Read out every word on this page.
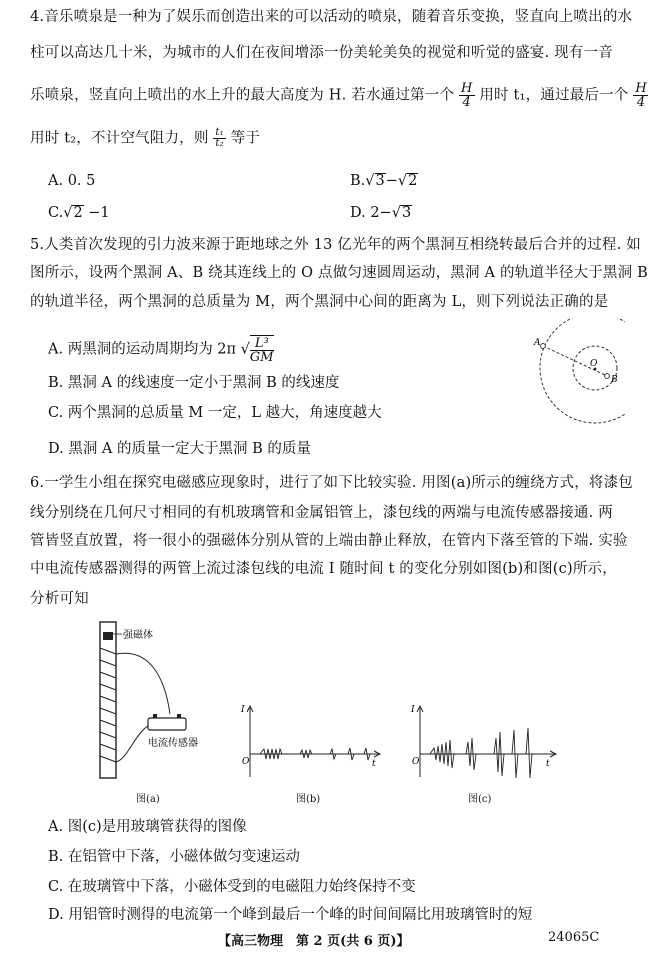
4.音乐喷泉是一种为了娱乐而创造出来的可以活动的喷泉，随着音乐变换，竖直向上喷出的水
柱可以高达几十米，为城市的人们在夜间增添一份美轮美奂的视觉和听觉的盛宴. 现有一音
乐喷泉，竖直向上喷出的水上升的最大高度为 H. 若水通过第一个 $\frac{H}{4}$ 用时 t₁，通过最后一个 $\frac{H}{4}$
用时 t₂，不计空气阻力，则 $\frac{\text{t₁}}{\text{t₂}}$ 等于
A. 0. 5	B.√3−√2
C.√2 −1	D. 2−√3
5.人类首次发现的引力波来源于距地球之外 13 亿光年的两个黑洞互相绕转最后合并的过程. 如
图所示，设两个黑洞 A、B 绕其连线上的 O 点做匀速圆周运动，黑洞 A 的轨道半径大于黑洞 B
的轨道半径，两个黑洞的总质量为 M，两个黑洞中心间的距离为 L，则下列说法正确的是
A. 两黑洞的运动周期均为 2π √ $\frac{\text{L³}}{GM}$
B. 黑洞 A 的线速度一定小于黑洞 B 的线速度
C. 两个黑洞的总质量 M 一定，L 越大，角速度越大
D. 黑洞 A 的质量一定大于黑洞 B 的质量
A
O
B
6.一学生小组在探究电磁感应现象时，进行了如下比较实验. 用图(a)所示的缠绕方式，将漆包
线分别绕在几何尺寸相同的有机玻璃管和金属铝管上，漆包线的两端与电流传感器接通. 两
管皆竖直放置，将一很小的强磁体分别从管的上端由静止释放，在管内下落至管的下端. 实验
中电流传感器测得的两管上流过漆包线的电流 I 随时间 t 的变化分别如图(b)和图(c)所示，
分析可知
强磁体
电流传感器
图(a)
I
O	t
图(b)
I
O	t
图(c)
A. 图(c)是用玻璃管获得的图像
B. 在铝管中下落，小磁体做匀变速运动
C. 在玻璃管中下落，小磁体受到的电磁阻力始终保持不变
D. 用铝管时测得的电流第一个峰到最后一个峰的时间间隔比用玻璃管时的短
【高三物理　第 2 页(共 6 页)】	24065C
